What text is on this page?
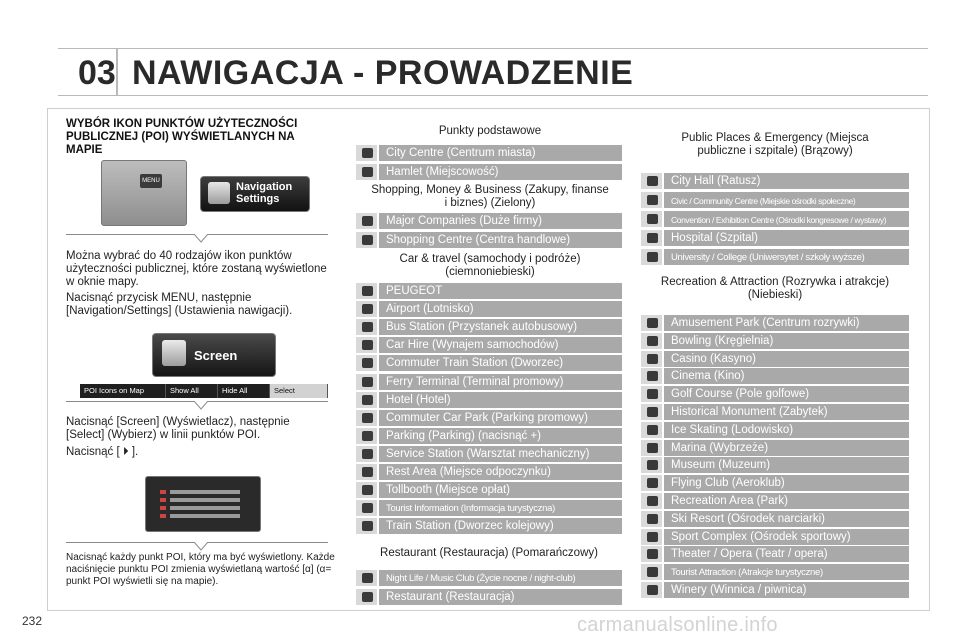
03 NAWIGACJA - PROWADZENIE
WYBÓR IKON PUNKTÓW UŻYTECZNOŚCI PUBLICZNEJ (POI) WYŚWIETLANYCH NA MAPIE
MENU	Navigation Settings
Można wybrać do 40 rodzajów ikon punktów użyteczności publicznej, które zostaną wyświetlone w oknie mapy.
Nacisnąć przycisk MENU, następnie [Navigation/Settings] (Ustawienia nawigacji).
Screen
POI Icons on Map	Show All	Hide All	Select
Nacisnąć [Screen] (Wyświetlacz), następnie [Select] (Wybierz) w linii punktów POI.
Nacisnąć [ ⏵ ].
Nacisnąć każdy punkt POI, który ma być wyświetlony. Każde naciśnięcie punktu POI zmienia wyświetlaną wartość [α] (α= punkt POI wyświetli się na mapie).
Punkty podstawowe
City Centre (Centrum miasta)
Hamlet (Miejscowość)
Shopping, Money & Business (Zakupy, finanse i biznes) (Zielony)
Major Companies (Duże firmy)
Shopping Centre (Centra handlowe)
Car & travel (samochody i podróże) (ciemnoniebieski)
PEUGEOT
Airport (Lotnisko)
Bus Station (Przystanek autobusowy)
Car Hire (Wynajem samochodów)
Commuter Train Station (Dworzec)
Ferry Terminal (Terminal promowy)
Hotel (Hotel)
Commuter Car Park (Parking promowy)
Parking (Parking) (nacisnąć +)
Service Station (Warsztat mechaniczny)
Rest Area (Miejsce odpoczynku)
Tollbooth (Miejsce opłat)
Tourist Information (Informacja turystyczna)
Train Station (Dworzec kolejowy)
Restaurant (Restauracja) (Pomarańczowy)
Night Life / Music Club (Życie nocne / night-club)
Restaurant (Restauracja)
Public Places & Emergency (Miejsca publiczne i szpitale) (Brązowy)
City Hall (Ratusz)
Civic / Community Centre (Miejskie ośrodki społeczne)
Convention / Exhibition Centre (Ośrodki kongresowe / wystawy)
Hospital (Szpital)
University / College (Uniwersytet / szkoły wyższe)
Recreation & Attraction (Rozrywka i atrakcje) (Niebieski)
Amusement Park (Centrum rozrywki)
Bowling (Kręgielnia)
Casino (Kasyno)
Cinema (Kino)
Golf Course (Pole golfowe)
Historical Monument (Zabytek)
Ice Skating (Lodowisko)
Marina (Wybrzeże)
Museum (Muzeum)
Flying Club (Aeroklub)
Recreation Area (Park)
Ski Resort (Ośrodek narciarki)
Sport Complex (Ośrodek sportowy)
Theater / Opera (Teatr / opera)
Tourist Attraction (Atrakcje turystyczne)
Winery (Winnica / piwnica)
232	carmanualsonline.info
